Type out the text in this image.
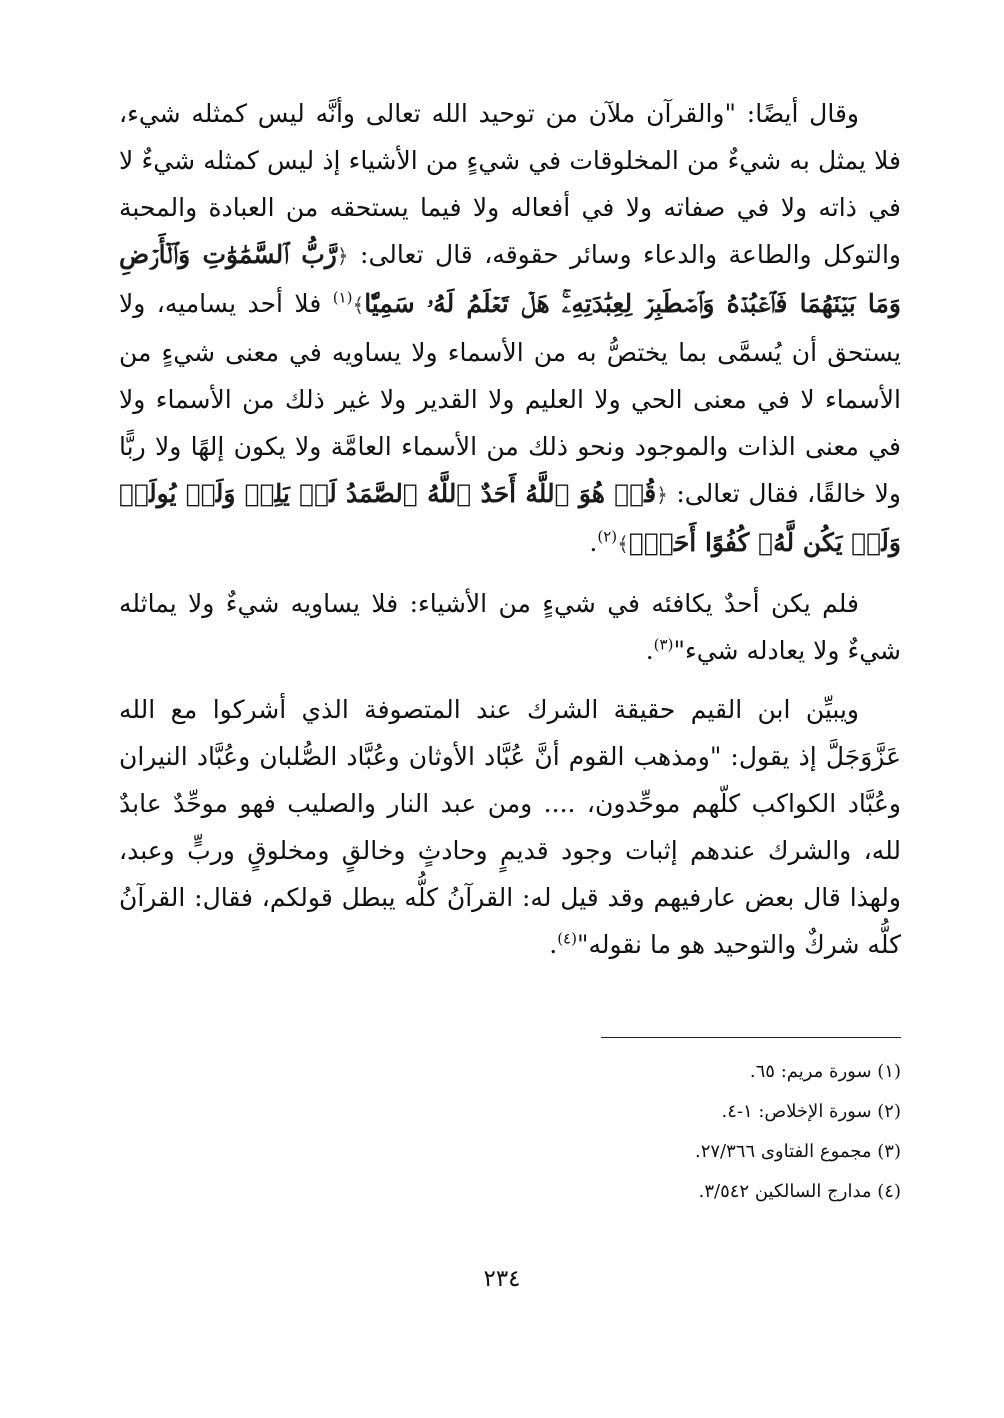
وقال أيضًا: "والقرآن ملآن من توحيد الله تعالى وأنَّه ليس كمثله شيء، فلا يمثل به شيءٌ من المخلوقات في شيءٍ من الأشياء إذ ليس كمثله شيءٌ لا في ذاته ولا في صفاته ولا في أفعاله ولا فيما يستحقه من العبادة والمحبة والتوكل والطاعة والدعاء وسائر حقوقه، قال تعالى: ﴿رَّبُّ ٱلسَّمَٰوَٰتِ وَٱلۡأَرۡضِ وَمَا بَيۡنَهُمَا فَٱعۡبُدۡهُ وَٱصۡطَبِرۡ لِعِبَٰدَتِهِۦۚ هَلۡ تَعۡلَمُ لَهُۥ سَمِيّٗا﴾$^{(١)}$ فلا أحد يساميه، ولا يستحق أن يُسمَّى بما يختصُّ به من الأسماء ولا يساويه في معنى شيءٍ من الأسماء لا في معنى الحي ولا العليم ولا القدير ولا غير ذلك من الأسماء ولا في معنى الذات والموجود ونحو ذلك من الأسماء العامَّة ولا يكون إلهًا ولا ربًّا ولا خالقًا، فقال تعالى: ﴿قُلۡ هُوَ ٱللَّهُ أَحَدٌ ٱللَّهُ ٱلصَّمَدُ لَمۡ يَلِدۡ وَلَمۡ يُولَدۡ وَلَمۡ يَكُن لَّهُۥ كُفُوًا أَحَدُۢ﴾$^{(٢)}$.

فلم يكن أحدٌ يكافئه في شيءٍ من الأشياء: فلا يساويه شيءٌ ولا يماثله شيءٌ ولا يعادله شيء"$^{(٣)}$.

ويبيِّن ابن القيم حقيقة الشرك عند المتصوفة الذي أشركوا مع الله عَزَّوَجَلَّ إذ يقول: "ومذهب القوم أنَّ عُبَّاد الأوثان وعُبَّاد الصُّلبان وعُبَّاد النيران وعُبَّاد الكواكب كلّهم موحِّدون، .... ومن عبد النار والصليب فهو موحِّدٌ عابدٌ لله، والشرك عندهم إثبات وجود قديمٍ وحادثٍ وخالقٍ ومخلوقٍ وربٍّ وعبد، ولهذا قال بعض عارفيهم وقد قيل له: القرآنُ كلُّه يبطل قولكم، فقال: القرآنُ كلُّه شركٌ والتوحيد هو ما نقوله"$^{(٤)}$.

(١) سورة مريم: ٦٥.
(٢) سورة الإخلاص: ١-٤.
(٣) مجموع الفتاوى ٢٧/٣٦٦.
(٤) مدارج السالكين ٣/٥٤٢.
٢٣٤
